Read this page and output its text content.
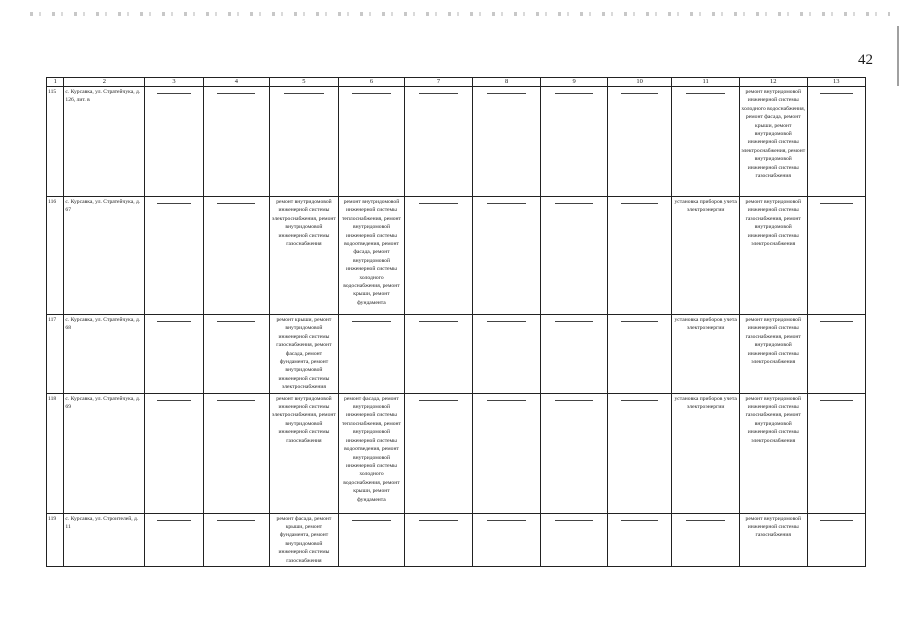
42
1	2	3	4	5	6	7	8	9	10	11	12	13
115	с. Курсавка, ул. Стратейчука, д. 126, лит. в										ремонт внутридомовой инженерной системы холодного водоснабжения, ремонт фасада, ремонт крыши, ремонт внутридомовой инженерной системы электроснабжения, ремонт внутридомовой инженерной системы газоснабжения	

116	с. Курсавка, ул. Стратейчука, д. 67			ремонт внутридомовой инженерной системы электроснабжения, ремонт внутридомовой инженерной системы газоснабжения	ремонт внутридомовой инженерной системы теплоснабжения, ремонт внутридомовой инженерной системы водоотведения, ремонт фасада, ремонт внутридомовой инженерной системы холодного водоснабжения, ремонт крыши, ремонт фундамента					установка приборов учета электроэнергии	ремонт внутридомовой инженерной системы газоснабжения, ремонт внутридомовой инженерной системы электроснабжения	

117	с. Курсавка, ул. Стратейчука, д. 68			ремонт крыши, ремонт внутридомовой инженерной системы газоснабжения, ремонт фасада, ремонт фундамента, ремонт внутридомовой инженерной системы электроснабжения						установка приборов учета электроэнергии	ремонт внутридомовой инженерной системы газоснабжения, ремонт внутридомовой инженерной системы электроснабжения	

118	с. Курсавка, ул. Стратейчука, д. 69			ремонт внутридомовой инженерной системы электроснабжения, ремонт внутридомовой инженерной системы газоснабжения	ремонт фасада, ремонт внутридомовой инженерной системы теплоснабжения, ремонт внутридомовой инженерной системы водоотведения, ремонт внутридомовой инженерной системы холодного водоснабжения, ремонт крыши, ремонт фундамента					установка приборов учета электроэнергии	ремонт внутридомовой инженерной системы газоснабжения, ремонт внутридомовой инженерной системы электроснабжения	

119	с. Курсавка, ул. Строителей, д. 11			ремонт фасада, ремонт крыши, ремонт фундамента, ремонт внутридомовой инженерной системы газоснабжения							ремонт внутридомовой инженерной системы газоснабжения	
